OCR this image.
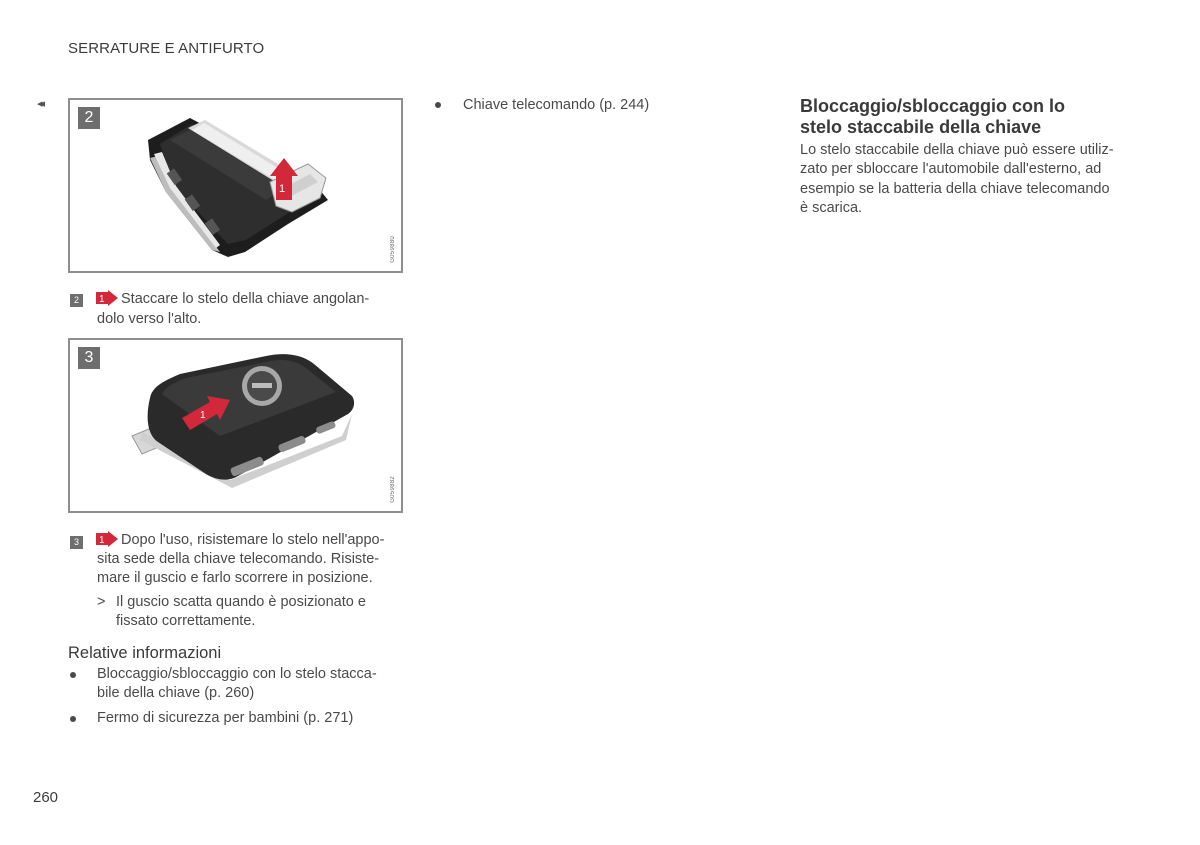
SERRATURE E ANTIFURTO
◂◂
2
1
G059880
2	1 Staccare lo stelo della chiave angolan-
dolo verso l'alto.
3
1
G059882
3	1 Dopo l'uso, risistemare lo stelo nell'appo-
sita sede della chiave telecomando. Risiste-
mare il guscio e farlo scorrere in posizione.
> Il guscio scatta quando è posizionato e
fissato correttamente.
Relative informazioni
Bloccaggio/sbloccaggio con lo stelo stacca-
bile della chiave (p. 260)
Fermo di sicurezza per bambini (p. 271)
Chiave telecomando (p. 244)	Bloccaggio/sbloccaggio con lo
stelo staccabile della chiave
Lo stelo staccabile della chiave può essere utiliz-
zato per sbloccare l'automobile dall'esterno, ad
esempio se la batteria della chiave telecomando
è scarica.
260
